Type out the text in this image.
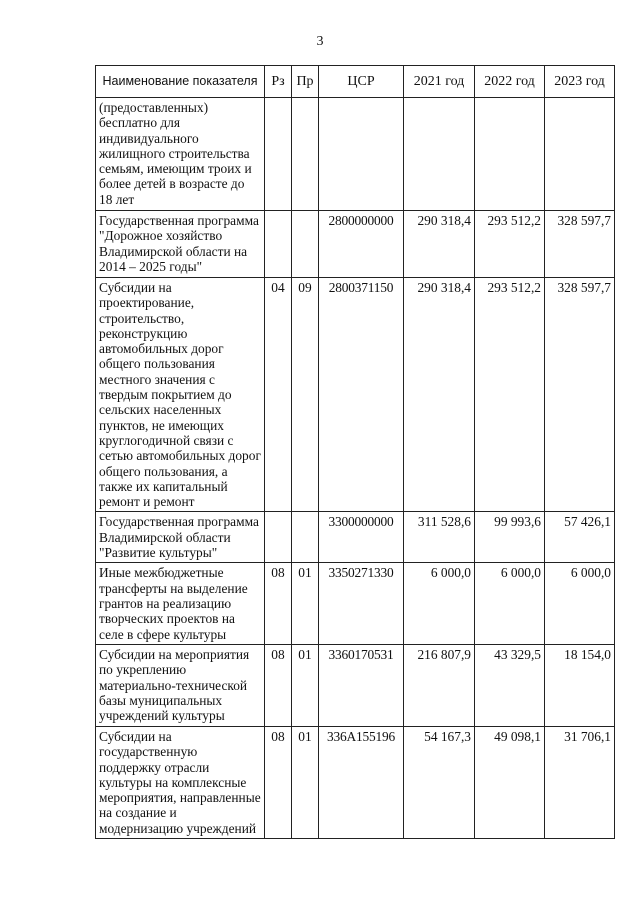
3
Наименование показателя	Рз	Пр	ЦСР	2021 год	2022 год	2023 год
(предоставленных) бесплатно для индивидуального жилищного строительства семьям, имеющим троих и более детей в возрасте до 18 лет						
Государственная программа "Дорожное хозяйство Владимирской области на 2014 – 2025 годы"			2800000000	290 318,4	293 512,2	328 597,7
Субсидии на проектирование, строительство, реконструкцию автомобильных дорог общего пользования местного значения с твердым покрытием до сельских населенных пунктов, не имеющих круглогодичной связи с сетью автомобильных дорог общего пользования, а также их капитальный ремонт и ремонт	04	09	2800371150	290 318,4	293 512,2	328 597,7
Государственная программа Владимирской области "Развитие культуры"			3300000000	311 528,6	99 993,6	57 426,1
Иные межбюджетные трансферты на выделение грантов на реализацию творческих проектов на селе в сфере культуры	08	01	3350271330	6 000,0	6 000,0	6 000,0
Субсидии на мероприятия по укреплению материально-технической базы муниципальных учреждений культуры	08	01	3360170531	216 807,9	43 329,5	18 154,0
Субсидии на государственную поддержку отрасли культуры на комплексные мероприятия, направленные на создание и модернизацию учреждений	08	01	336A155196	54 167,3	49 098,1	31 706,1
